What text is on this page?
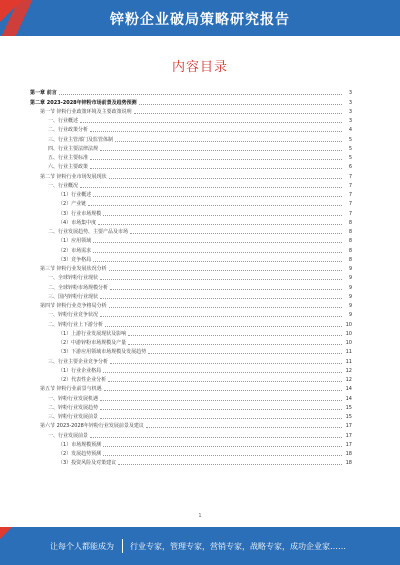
锌粉企业破局策略研究报告
内容目录
第一章 前言	3
第二章 2023-2028年锌粉市场前景及趋势预测	3
第一节 锌粉行业政策环境及主要政策说明	3
一、行业概述	3
二、行业政策分析	4
三、行业主管部门及监管体制	5
四、行业主要法律法规	5
五、行业主要标准	5
六、行业主要政策	6
第二节 锌粉行业市场发展现状	7
一、行业概况	7
（1）行业概述	7
（2）产业链	7
（3）行业市场规模	7
（4）市场集中度	8
二、行业发展趋势、主要产品及市场	8
（1）应用领域	8
（2）市场需求	8
（3）竞争格局	8
第三节 锌粉行业发展状况分析	9
一、全球锌粉行业现状	9
二、全球锌粉市场规模分析	9
三、国内锌粉行业现状	9
第四节 锌粉行业竞争格局分析	9
一、锌粉行业竞争状况	9
二、锌粉行业上下游分析	10
（1）上游行业发展现状及影响	10
（2）中游锌粉市场规模及产量	10
（3）下游应用领域市场规模及发展趋势	11
三、行业主要企业竞争分析	11
（1）行业企业格局	12
（2）代表性企业分析	12
第五节 锌粉行业前景与机遇	14
一、锌粉行业发展机遇	14
二、锌粉行业发展趋势	15
三、锌粉行业发展前景	15
第六节 2023-2028年锌粉行业发展前景及建议	17
一、行业发展前景	17
（1）市场规模预测	17
（2）发展趋势预测	18
（3）投资风险及对策建议	18
1
让每个人都能成为 行业专家，管理专家，营销专家，战略专家，成功企业家……
